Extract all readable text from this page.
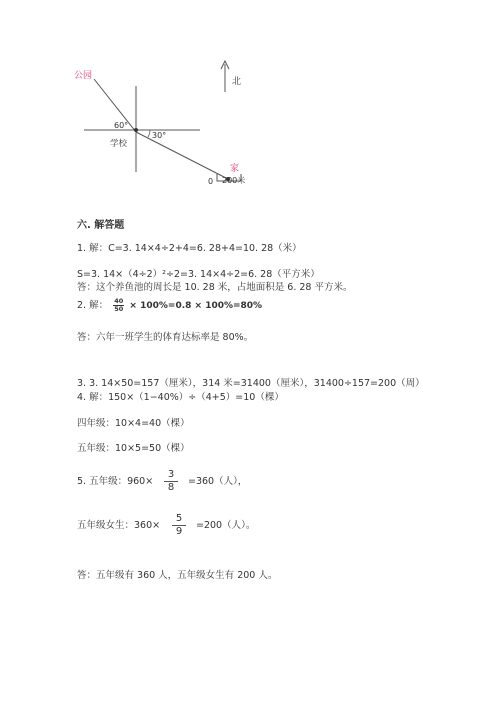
公园
学校
家
北
60°
30°
0 200米
六. 解答题
1. 解：C=3. 14×4÷2+4=6. 28+4=10. 28（米）
S=3. 14×（4÷2）²÷2=3. 14×4÷2=6. 28（平方米）
答：这个养鱼池的周长是 10. 28 米，占地面积是 6. 28 平方米。
2. 解： $\frac{40}{50} \times 100\%=0.8 \times 100\%=80\%$
答：六年一班学生的体育达标率是 80%。
3. 3. 14×50=157（厘米），314 米=31400（厘米），31400÷157=200（周）
4. 解：150×（1−40%）÷（4+5）=10（棵）
四年级：10×4=40（棵）
五年级：10×5=50（棵）
5. 五年级：$960\times \frac{3}{8} =360$（人），
五年级女生：$360\times \frac{5}{9} =200$（人）。
答：五年级有 360 人，五年级女生有 200 人。
